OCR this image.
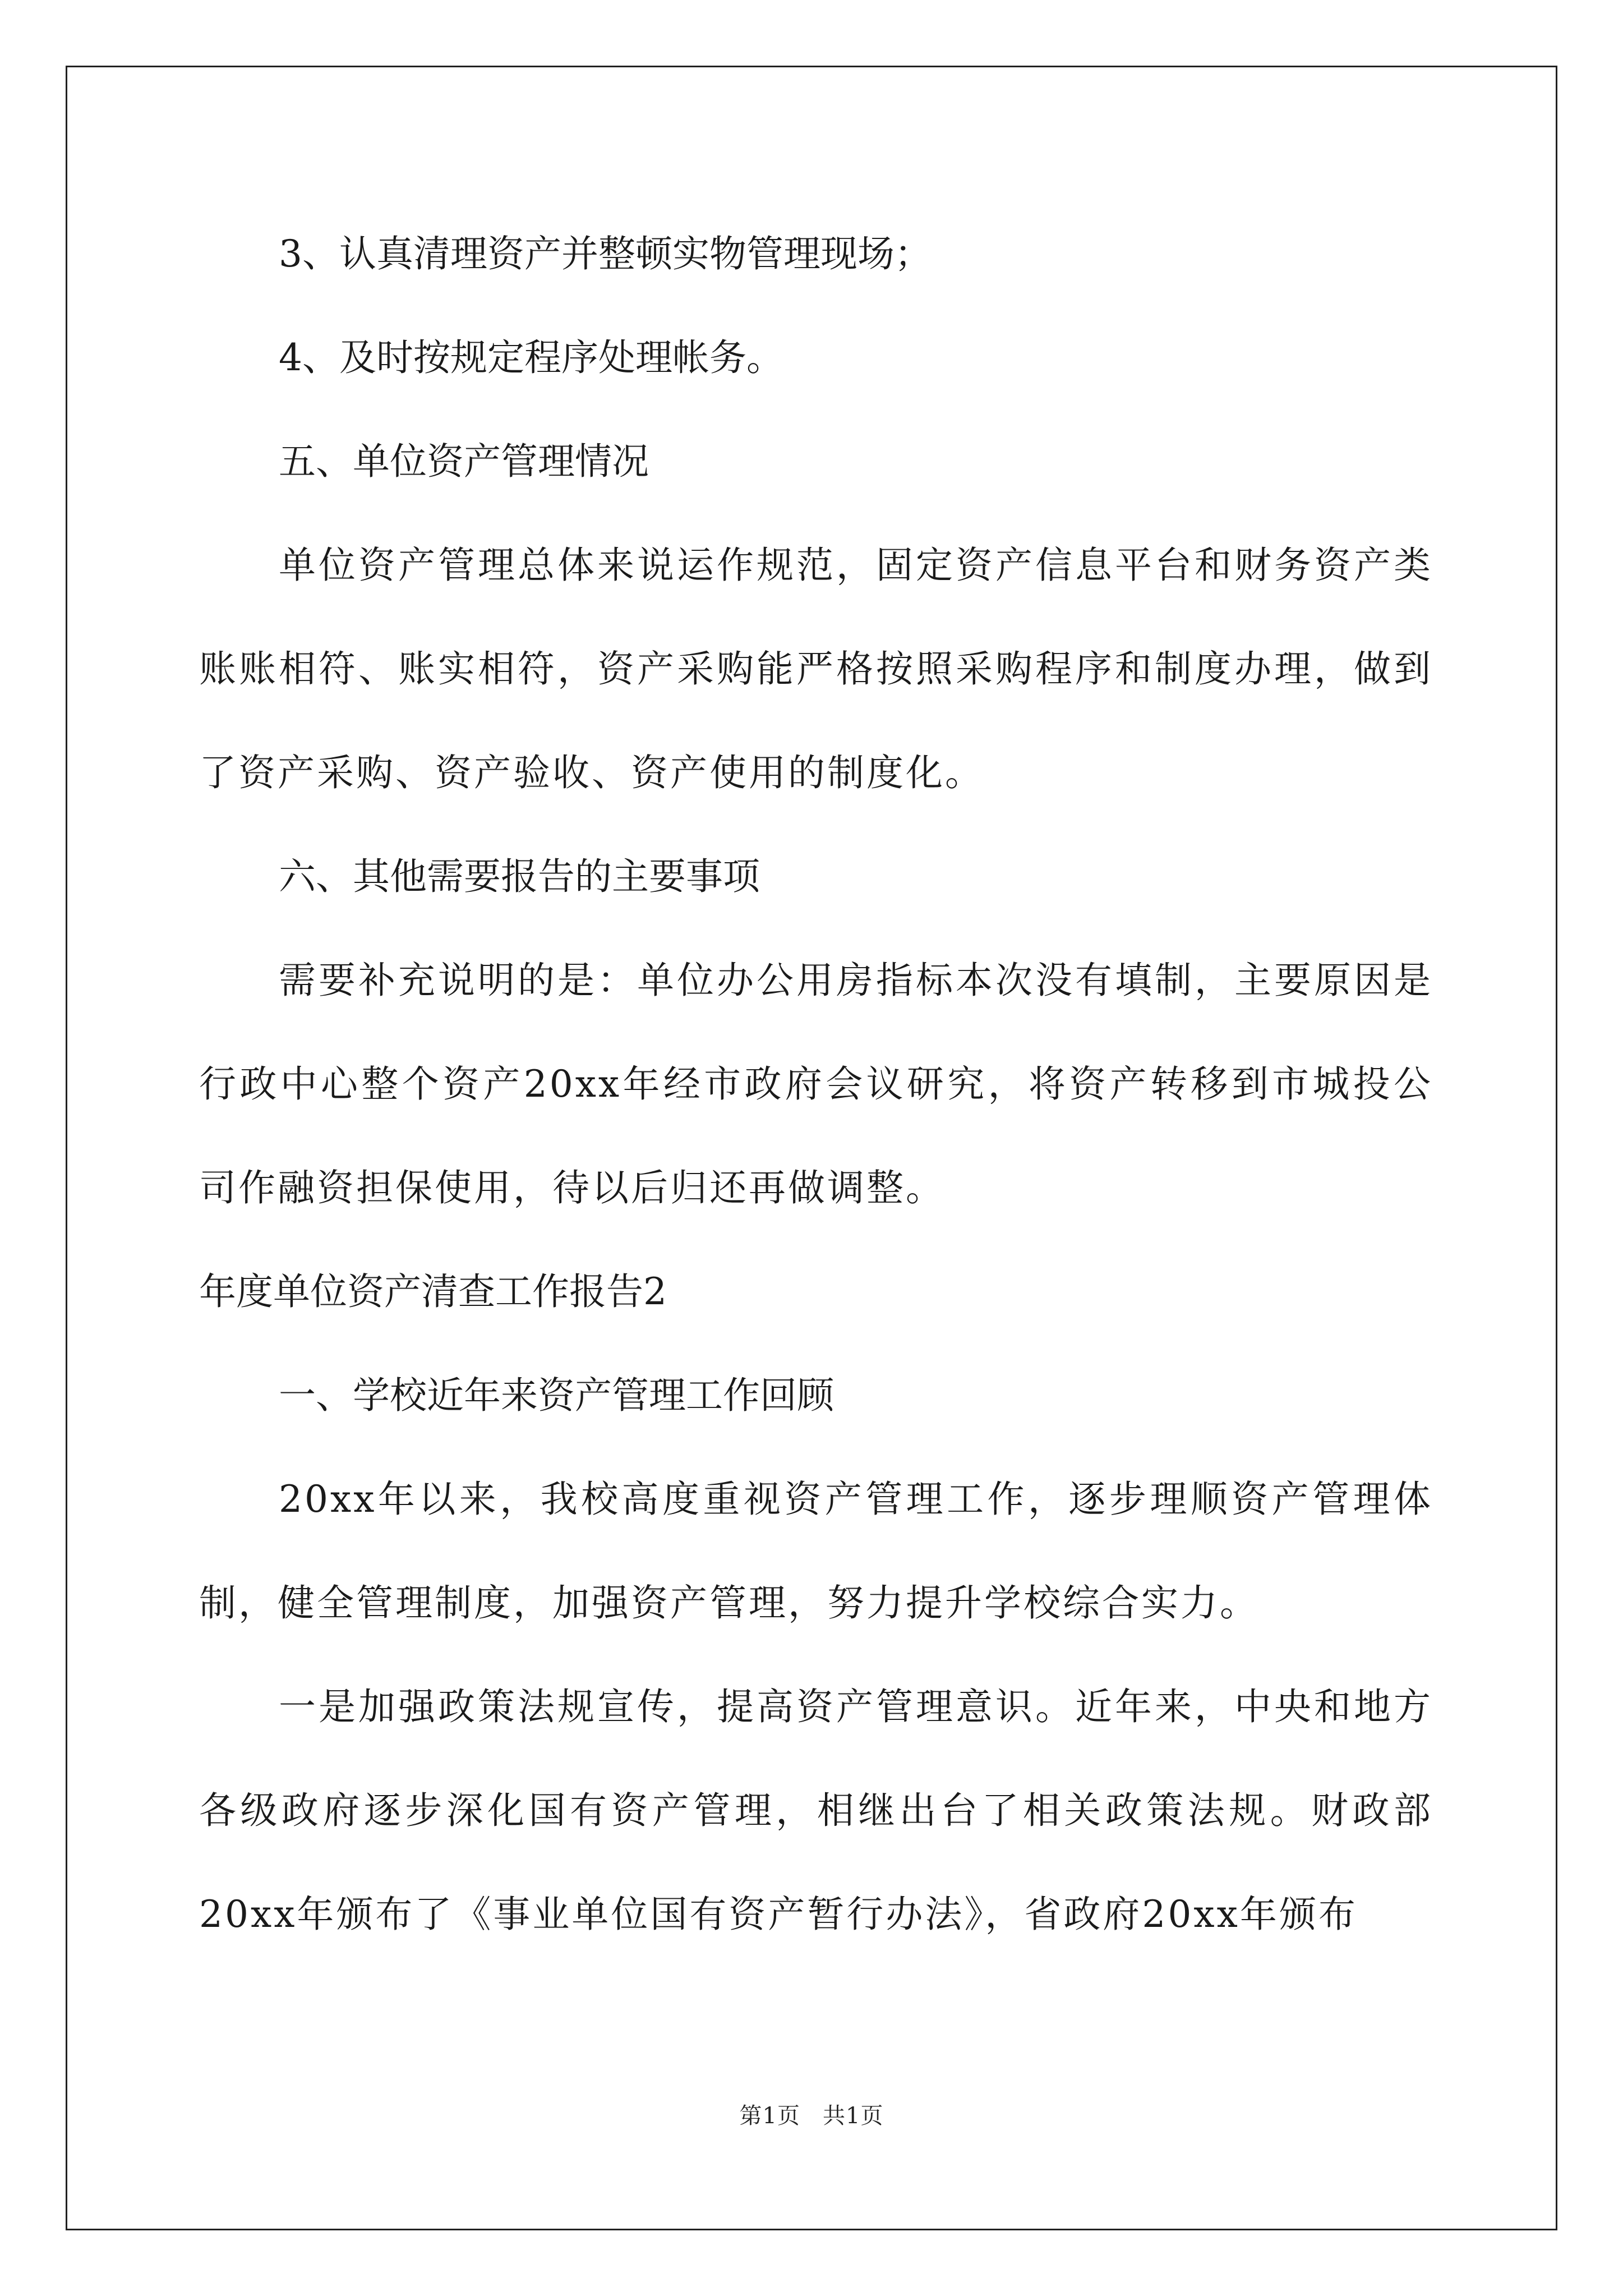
3、认真清理资产并整顿实物管理现场；

4、及时按规定程序处理帐务。

五、单位资产管理情况

单位资产管理总体来说运作规范，固定资产信息平台和财务资产类账账相符、账实相符，资产采购能严格按照采购程序和制度办理，做到了资产采购、资产验收、资产使用的制度化。

六、其他需要报告的主要事项

需要补充说明的是：单位办公用房指标本次没有填制，主要原因是行政中心整个资产20xx年经市政府会议研究，将资产转移到市城投公司作融资担保使用，待以后归还再做调整。

年度单位资产清查工作报告2

一、学校近年来资产管理工作回顾

20xx年以来，我校高度重视资产管理工作，逐步理顺资产管理体制，健全管理制度，加强资产管理，努力提升学校综合实力。

一是加强政策法规宣传，提高资产管理意识。近年来，中央和地方各级政府逐步深化国有资产管理，相继出台了相关政策法规。财政部20xx年颁布了《事业单位国有资产暂行办法》，省政府20xx年颁布

第1页 共1页
